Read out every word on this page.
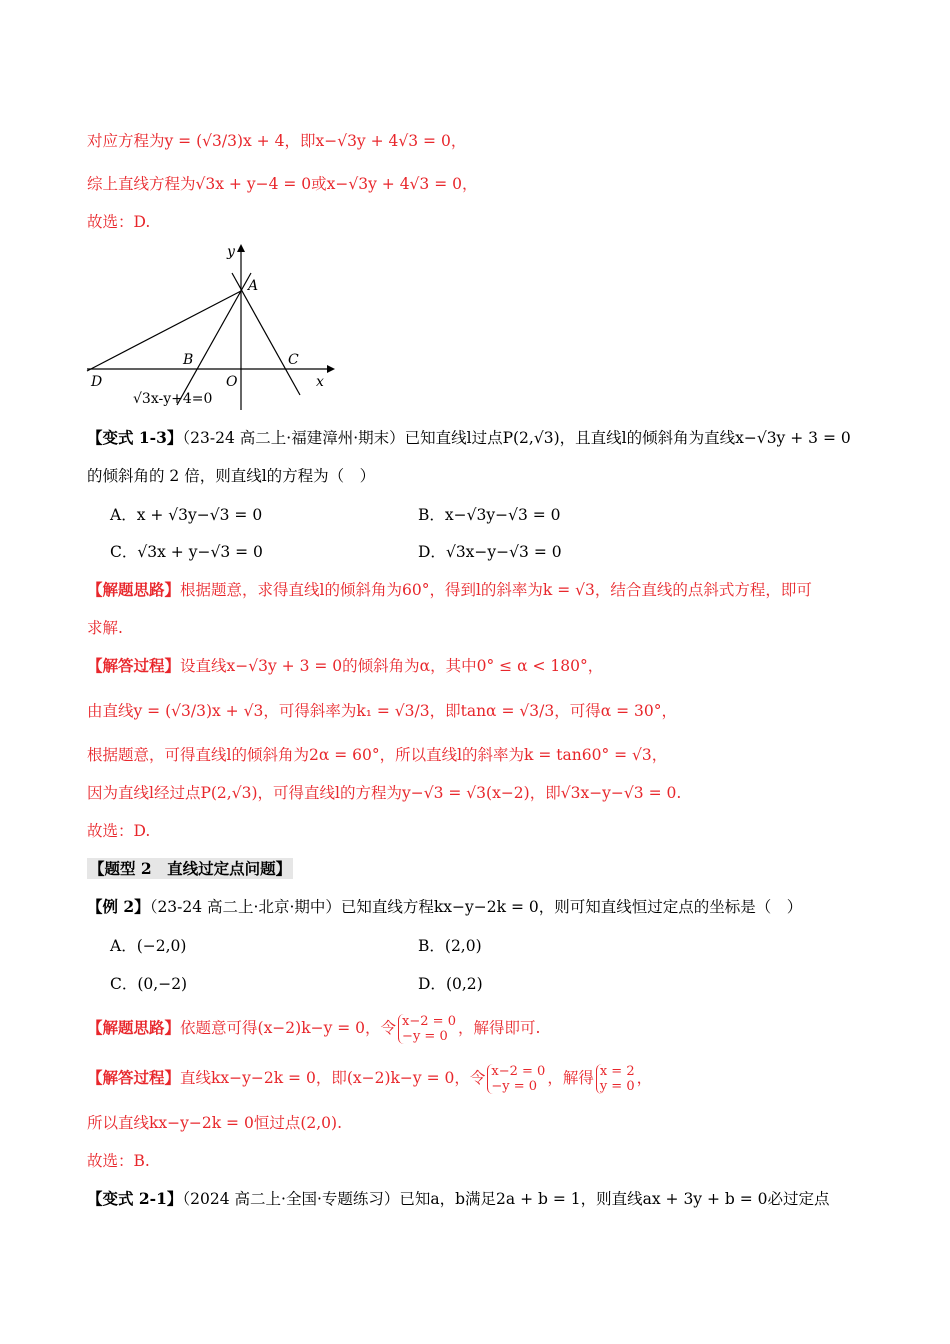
对应方程为y = (√3/3)x + 4，即x−√3y + 4√3 = 0，
综上直线方程为√3x + y−4 = 0或x−√3y + 4√3 = 0，
故选：D.
y
A
B	C
D	O	x
√3x-y+4=0
【变式 1-3】（23-24 高二上·福建漳州·期末）已知直线l过点P(2,√3)，且直线l的倾斜角为直线x−√3y + 3 = 0
的倾斜角的 2 倍，则直线l的方程为（　）
A．x + √3y−√3 = 0	B．x−√3y−√3 = 0
C．√3x + y−√3 = 0	D．√3x−y−√3 = 0
【解题思路】根据题意，求得直线l的倾斜角为60°，得到l的斜率为k = √3，结合直线的点斜式方程，即可
求解.
【解答过程】设直线x−√3y + 3 = 0的倾斜角为α，其中0° ≤ α < 180°，
由直线y = (√3/3)x + √3，可得斜率为k₁ = √3/3，即tanα = √3/3，可得α = 30°，
根据题意，可得直线l的倾斜角为2α = 60°，所以直线l的斜率为k = tan60° = √3，
因为直线l经过点P(2,√3)，可得直线l的方程为y−√3 = √3(x−2)，即√3x−y−√3 = 0.
故选：D.
【题型 2　直线过定点问题】
【例 2】（23-24 高二上·北京·期中）已知直线方程kx−y−2k = 0，则可知直线恒过定点的坐标是（　）
A．(−2,0)	B．(2,0)
C．(0,−2)	D．(0,2)
【解题思路】依题意可得(x−2)k−y = 0，令 x−2 = 0
−y = 0 ，解得即可.
【解答过程】直线kx−y−2k = 0，即(x−2)k−y = 0，令 x−2 = 0
−y = 0 ，解得 x = 2
y = 0 ，
所以直线kx−y−2k = 0恒过点(2,0).
故选：B.
【变式 2-1】（2024 高二上·全国·专题练习）已知a，b满足2a + b = 1，则直线ax + 3y + b = 0必过定点
